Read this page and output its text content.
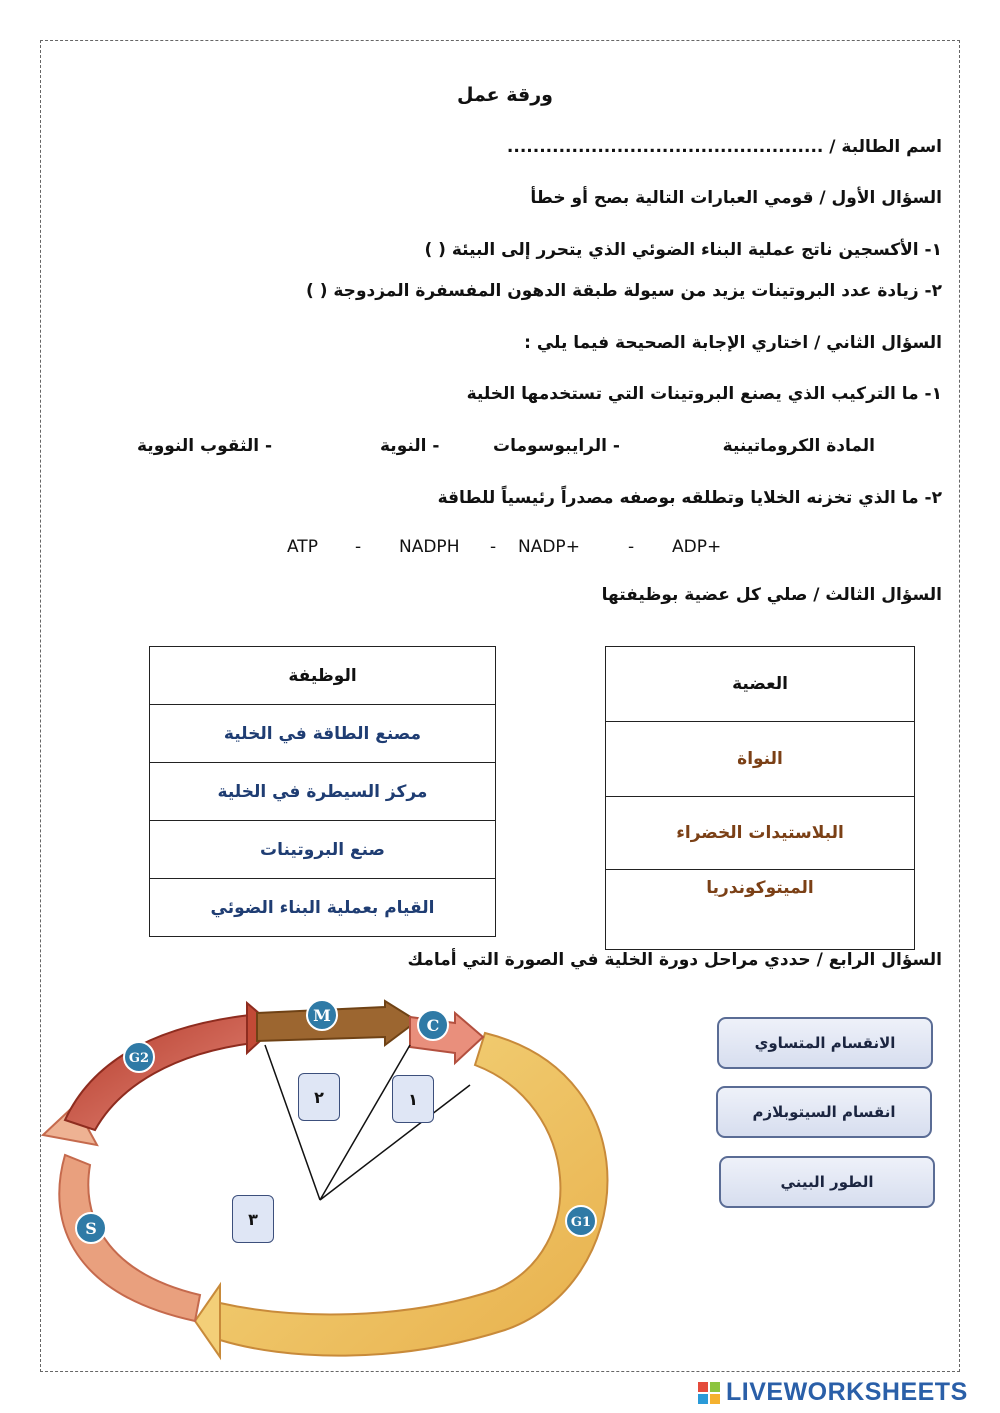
ورقة عمل
اسم الطالبة / .................................................
السؤال الأول / قومي العبارات التالية بصح أو خطأ
١- الأكسجين ناتج عملية البناء الضوئي الذي يتحرر إلى البيئة ( )
٢- زيادة عدد البروتينات يزيد من سيولة طبقة الدهون المفسفرة المزدوجة ( )
السؤال الثاني / اختاري الإجابة الصحيحة فيما يلي :
١- ما التركيب الذي يصنع البروتينات التي تستخدمها الخلية
المادة الكروماتينية
- الرايبوسومات
- النوية
- الثقوب النووية
٢- ما الذي تخزنه الخلايا وتطلقه بوصفه مصدراً رئيسياً للطاقة
ATP - NADPH - NADP+	- ADP+
السؤال الثالث / صلي كل عضية بوظيفتها
العضية
النواة
البلاستيدات الخضراء
الميتوكوندريا
الوظيفة
مصنع الطاقة في الخلية
مركز السيطرة في الخلية
صنع البروتينات
القيام بعملية البناء الضوئي
السؤال الرابع / حددي مراحل دورة الخلية في الصورة التي أمامك
M
C
G2
S	G1
٢	١
٣
الانقسام المتساوي
انقسام السيتوبلازم
الطور البيني
LIVEWORKSHEETS
